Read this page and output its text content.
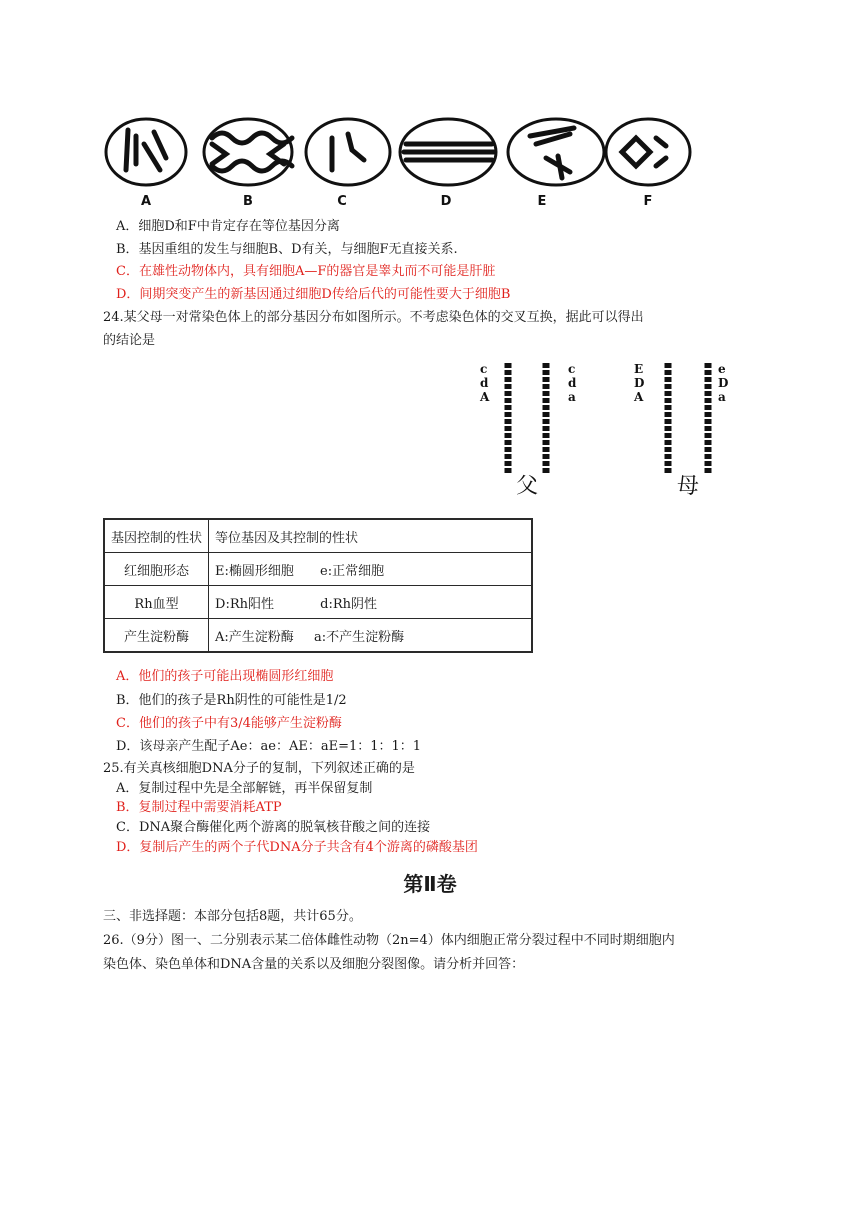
A	B	C	D	E	F
A．细胞D和F中肯定存在等位基因分离
B．基因重组的发生与细胞B、D有关，与细胞F无直接关系.
C．在雄性动物体内，具有细胞A—F的器官是睾丸而不可能是肝脏
D．间期突变产生的新基因通过细胞D传给后代的可能性要大于细胞B
24.某父母一对常染色体上的部分基因分布如图所示。不考虑染色体的交叉互换，据此可以得出
的结论是
c
d
A
c
d
a
E
D
A
e
D
a
父	母
基因控制的性状	等位基因及其控制的性状
红细胞形态	E:椭圆形细胞 e:正常细胞
Rh血型	D:Rh阳性 d:Rh阴性
产生淀粉酶	A:产生淀粉酶 a:不产生淀粉酶
A．他们的孩子可能出现椭圆形红细胞
B．他们的孩子是Rh阴性的可能性是1/2
C．他们的孩子中有3/4能够产生淀粉酶
D．该母亲产生配子Ae：ae：AE：aE=1：1：1：1
25.有关真核细胞DNA分子的复制，下列叙述正确的是
A．复制过程中先是全部解链，再半保留复制
B．复制过程中需要消耗ATP
C．DNA聚合酶催化两个游离的脱氧核苷酸之间的连接
D．复制后产生的两个子代DNA分子共含有4个游离的磷酸基团
第Ⅱ卷
三、非选择题：本部分包括8题，共计65分。
26.（9分）图一、二分别表示某二倍体雌性动物（2n=4）体内细胞正常分裂过程中不同时期细胞内
染色体、染色单体和DNA含量的关系以及细胞分裂图像。请分析并回答：
